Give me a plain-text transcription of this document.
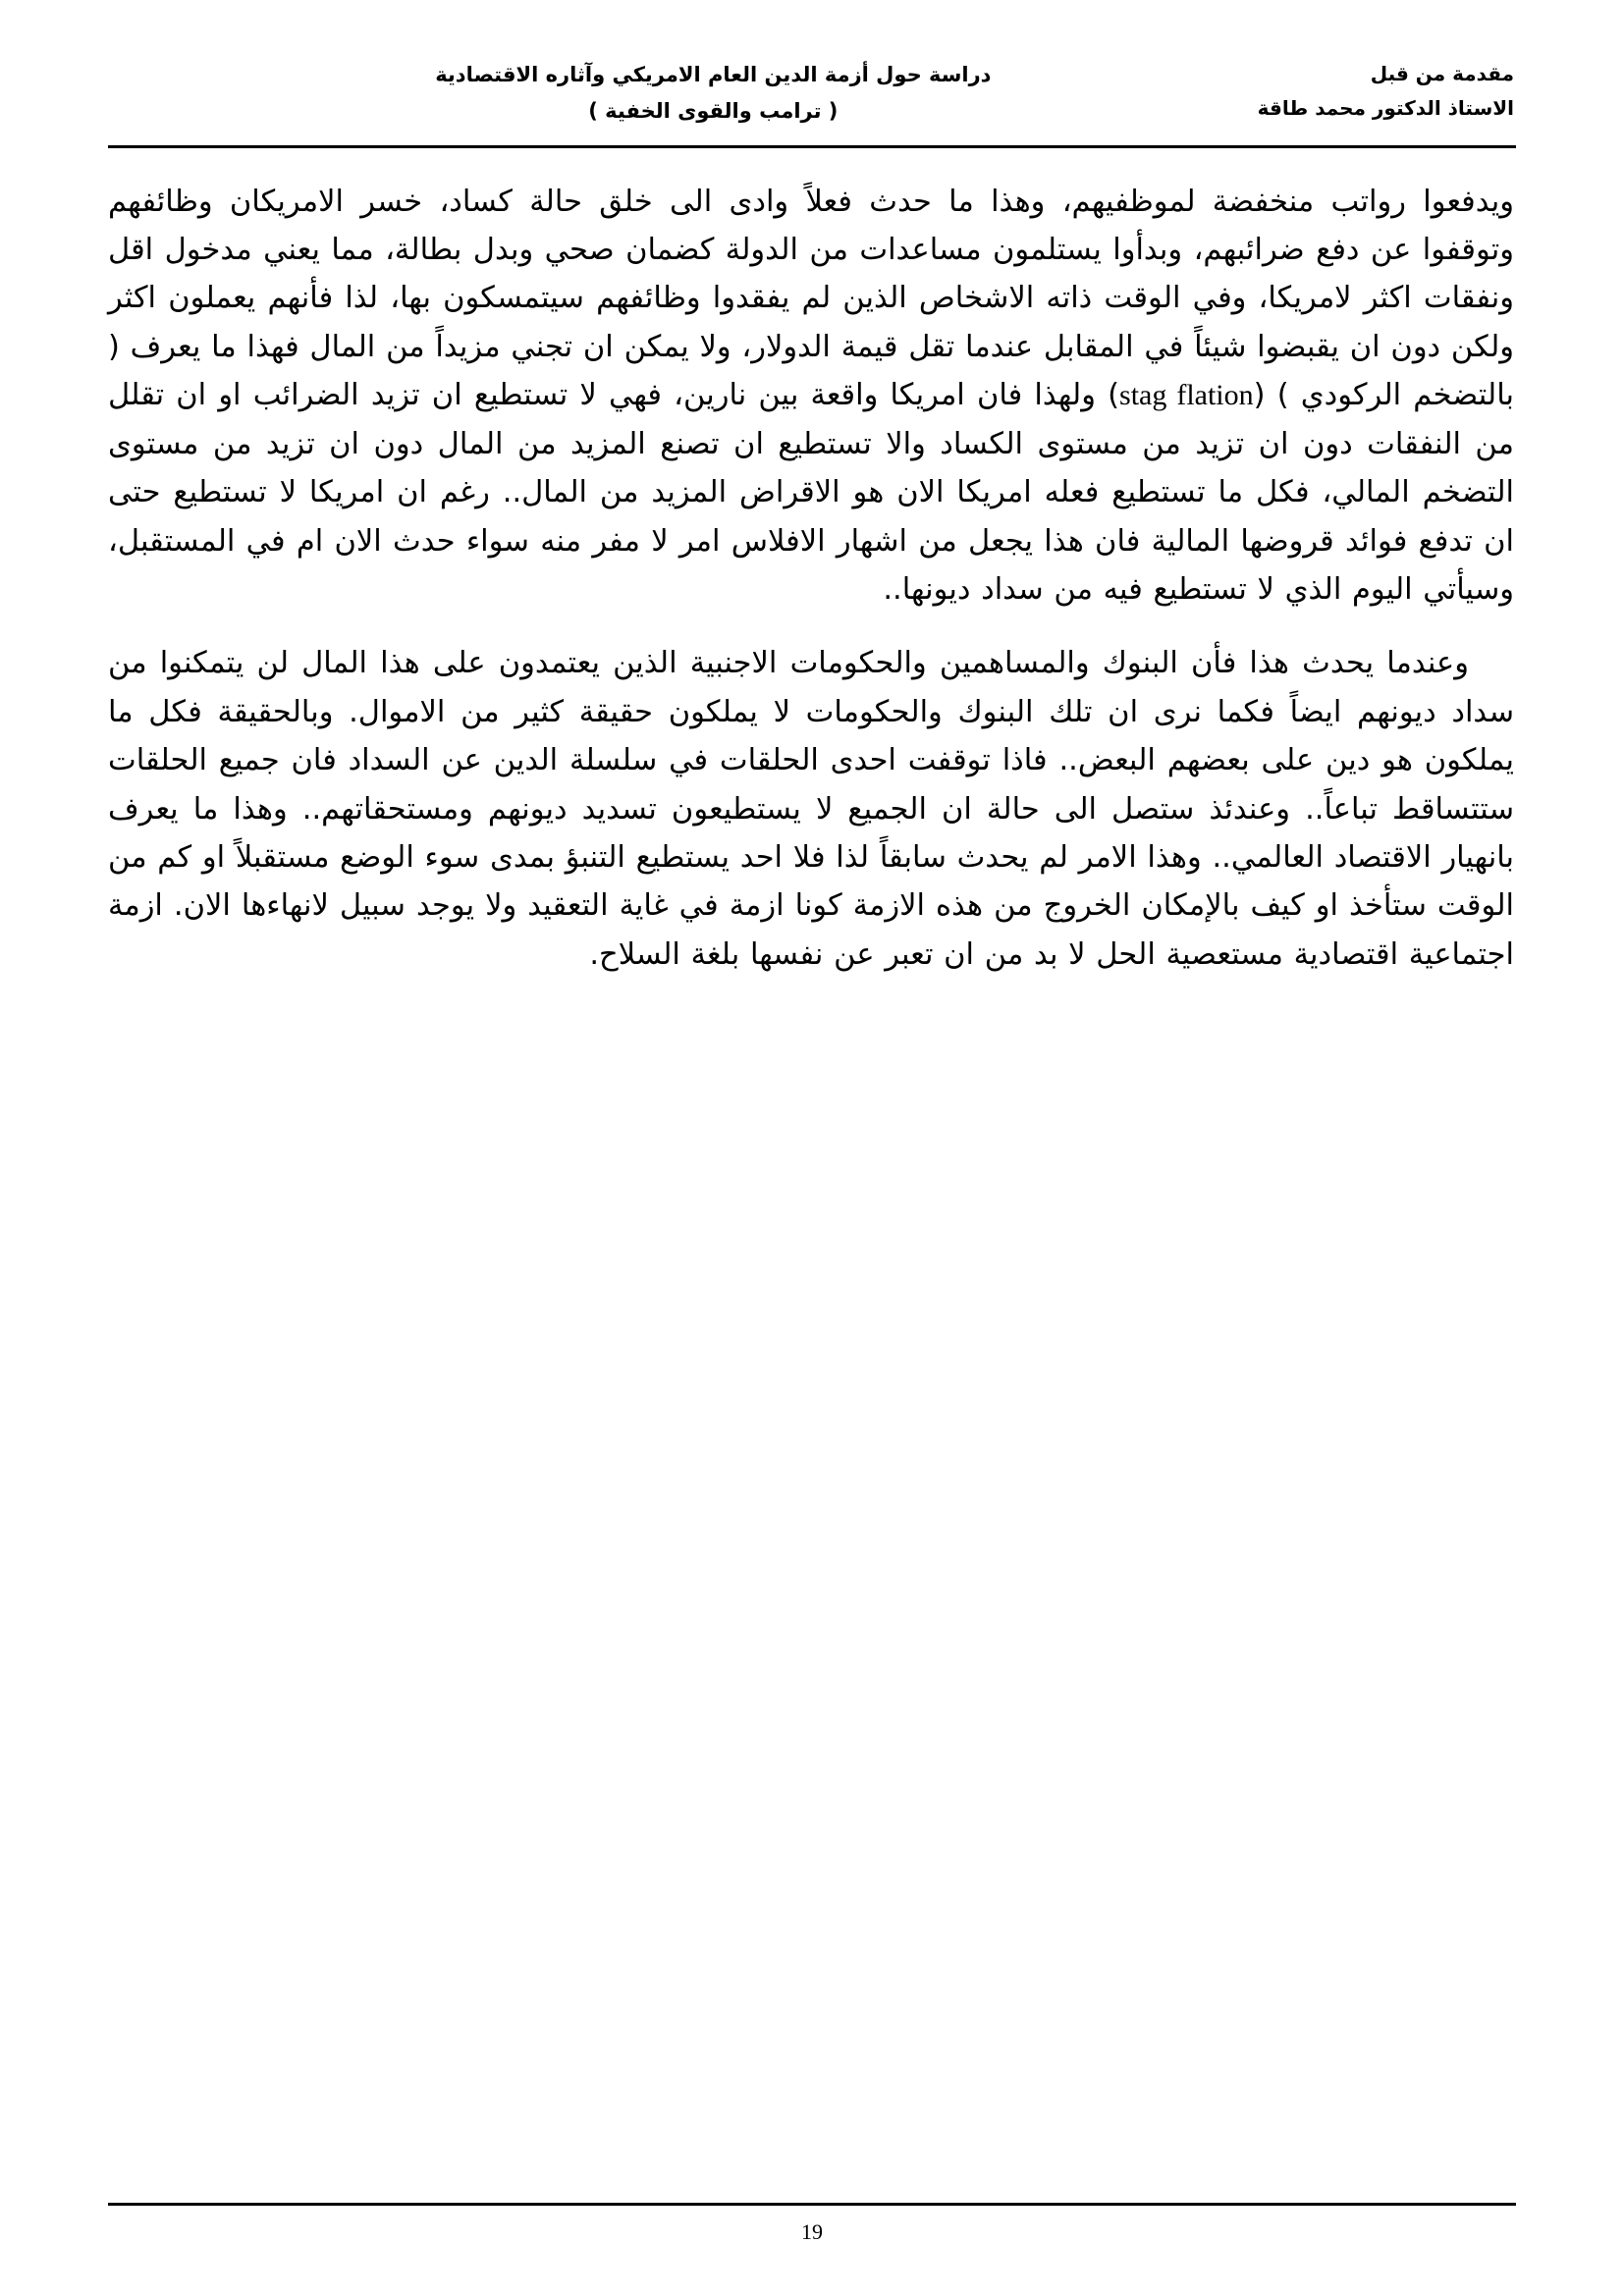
دراسة حول أزمة الدين العام الامريكي وآثاره الاقتصادية
( ترامب والقوى الخفية )
مقدمة من قبل
الاستاذ الدكتور محمد طاقة

ويدفعوا رواتب منخفضة لموظفيهم، وهذا ما حدث فعلاً وادى الى خلق حالة كساد، خسر الامريكان وظائفهم وتوقفوا عن دفع ضرائبهم، وبدأوا يستلمون مساعدات من الدولة كضمان صحي وبدل بطالة، مما يعني مدخول اقل ونفقات اكثر لامريكا، وفي الوقت ذاته الاشخاص الذين لم يفقدوا وظائفهم سيتمسكون بها، لذا فأنهم يعملون اكثر ولكن دون ان يقبضوا شيئاً في المقابل عندما تقل قيمة الدولار، ولا يمكن ان تجني مزيداً من المال فهذا ما يعرف ( بالتضخم الركودي ) (stag flation) ولهذا فان امريكا واقعة بين نارين، فهي لا تستطيع ان تزيد الضرائب او ان تقلل من النفقات دون ان تزيد من مستوى الكساد والا تستطيع ان تصنع المزيد من المال دون ان تزيد من مستوى التضخم المالي، فكل ما تستطيع فعله امريكا الان هو الاقراض المزيد من المال.. رغم ان امريكا لا تستطيع حتى ان تدفع فوائد قروضها المالية فان هذا يجعل من اشهار الافلاس امر لا مفر منه سواء حدث الان ام في المستقبل، وسيأتي اليوم الذي لا تستطيع فيه من سداد ديونها..

وعندما يحدث هذا فأن البنوك والمساهمين والحكومات الاجنبية الذين يعتمدون على هذا المال لن يتمكنوا من سداد ديونهم ايضاً فكما نرى ان تلك البنوك والحكومات لا يملكون حقيقة كثير من الاموال. وبالحقيقة فكل ما يملكون هو دين على بعضهم البعض.. فاذا توقفت احدى الحلقات في سلسلة الدين عن السداد فان جميع الحلقات ستتساقط تباعاً.. وعندئذ ستصل الى حالة ان الجميع لا يستطيعون تسديد ديونهم ومستحقاتهم.. وهذا ما يعرف بانهيار الاقتصاد العالمي.. وهذا الامر لم يحدث سابقاً لذا فلا احد يستطيع التنبؤ بمدى سوء الوضع مستقبلاً او كم من الوقت ستأخذ او كيف بالإمكان الخروج من هذه الازمة كونا ازمة في غاية التعقيد ولا يوجد سبيل لانهاءها الان. ازمة اجتماعية اقتصادية مستعصية الحل لا بد من ان تعبر عن نفسها بلغة السلاح.

19
